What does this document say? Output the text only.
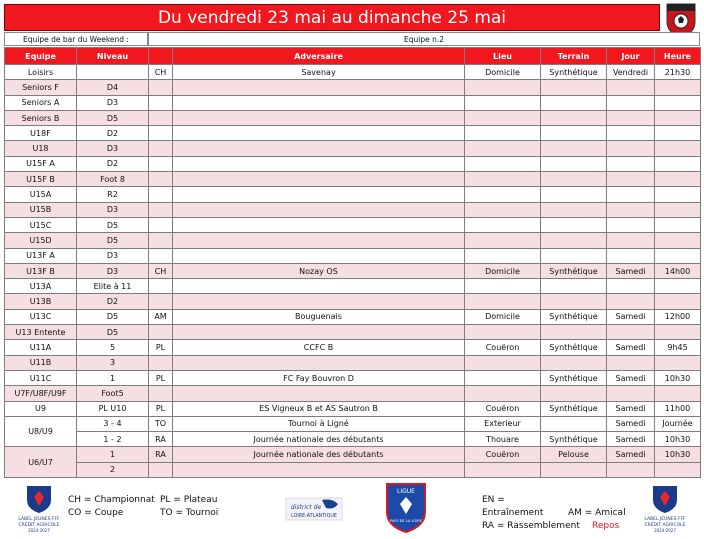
Du vendredi 23 mai au dimanche 25 mai
Equipe de bar du Weekend :	Equipe n.2
Equipe	Niveau		Adversaire	Lieu	Terrain	Jour	Heure
Loisirs		CH	Savenay	Domicile	Synthétique	Vendredi	21h30
Seniors F	D4						
Seniors A	D3						
Seniors B	D5						
U18F	D2						
U18	D3						
U15F A	D2						
U15F B	Foot 8						
U15A	R2						
U15B	D3						
U15C	D5						
U15D	D5						
U13F A	D3						
U13F B	D3	CH	Nozay OS	Domicile	Synthétique	Samedi	14h00
U13A	Elite à 11						
U13B	D2						
U13C	D5	AM	Bouguenais	Domicile	Synthétique	Samedi	12h00
U13 Entente	D5						
U11A	5	PL	CCFC B	Couëron	Synthétique	Samedi	9h45
U11B	3						
U11C	1	PL	FC Fay Bouvron D		Synthétique	Samedi	10h30
U7F/U8F/U9F	Foot5						
U9	PL U10	PL	ES Vigneux B et AS Sautron B	Couëron	Synthétique	Samedi	11h00
U8/U9	3 - 4	TO	Tournoi à Ligné	Exterieur		Samedi	Journée
	1 - 2	RA	Journée nationale des débutants	Thouare	Synthétique	Samedi	10h30
U6/U7	1	RA	Journée nationale des débutants	Couëron	Pelouse	Samedi	10h30
	2						
LABEL JEUNES FFF
CRÉDIT AGRICOLE
2024-2027
CH = Championnat PL = Plateau
CO = Coupe	TO = Tournoi
district de
LOIRE-ATLANTIQUE
LIGUE
PAYS DE LA LOIRE
EN = Entraînement	AM = Amical
RA = Rassemblement Repos
LABEL JEUNES FFF
CRÉDIT AGRICOLE
2024-2027
